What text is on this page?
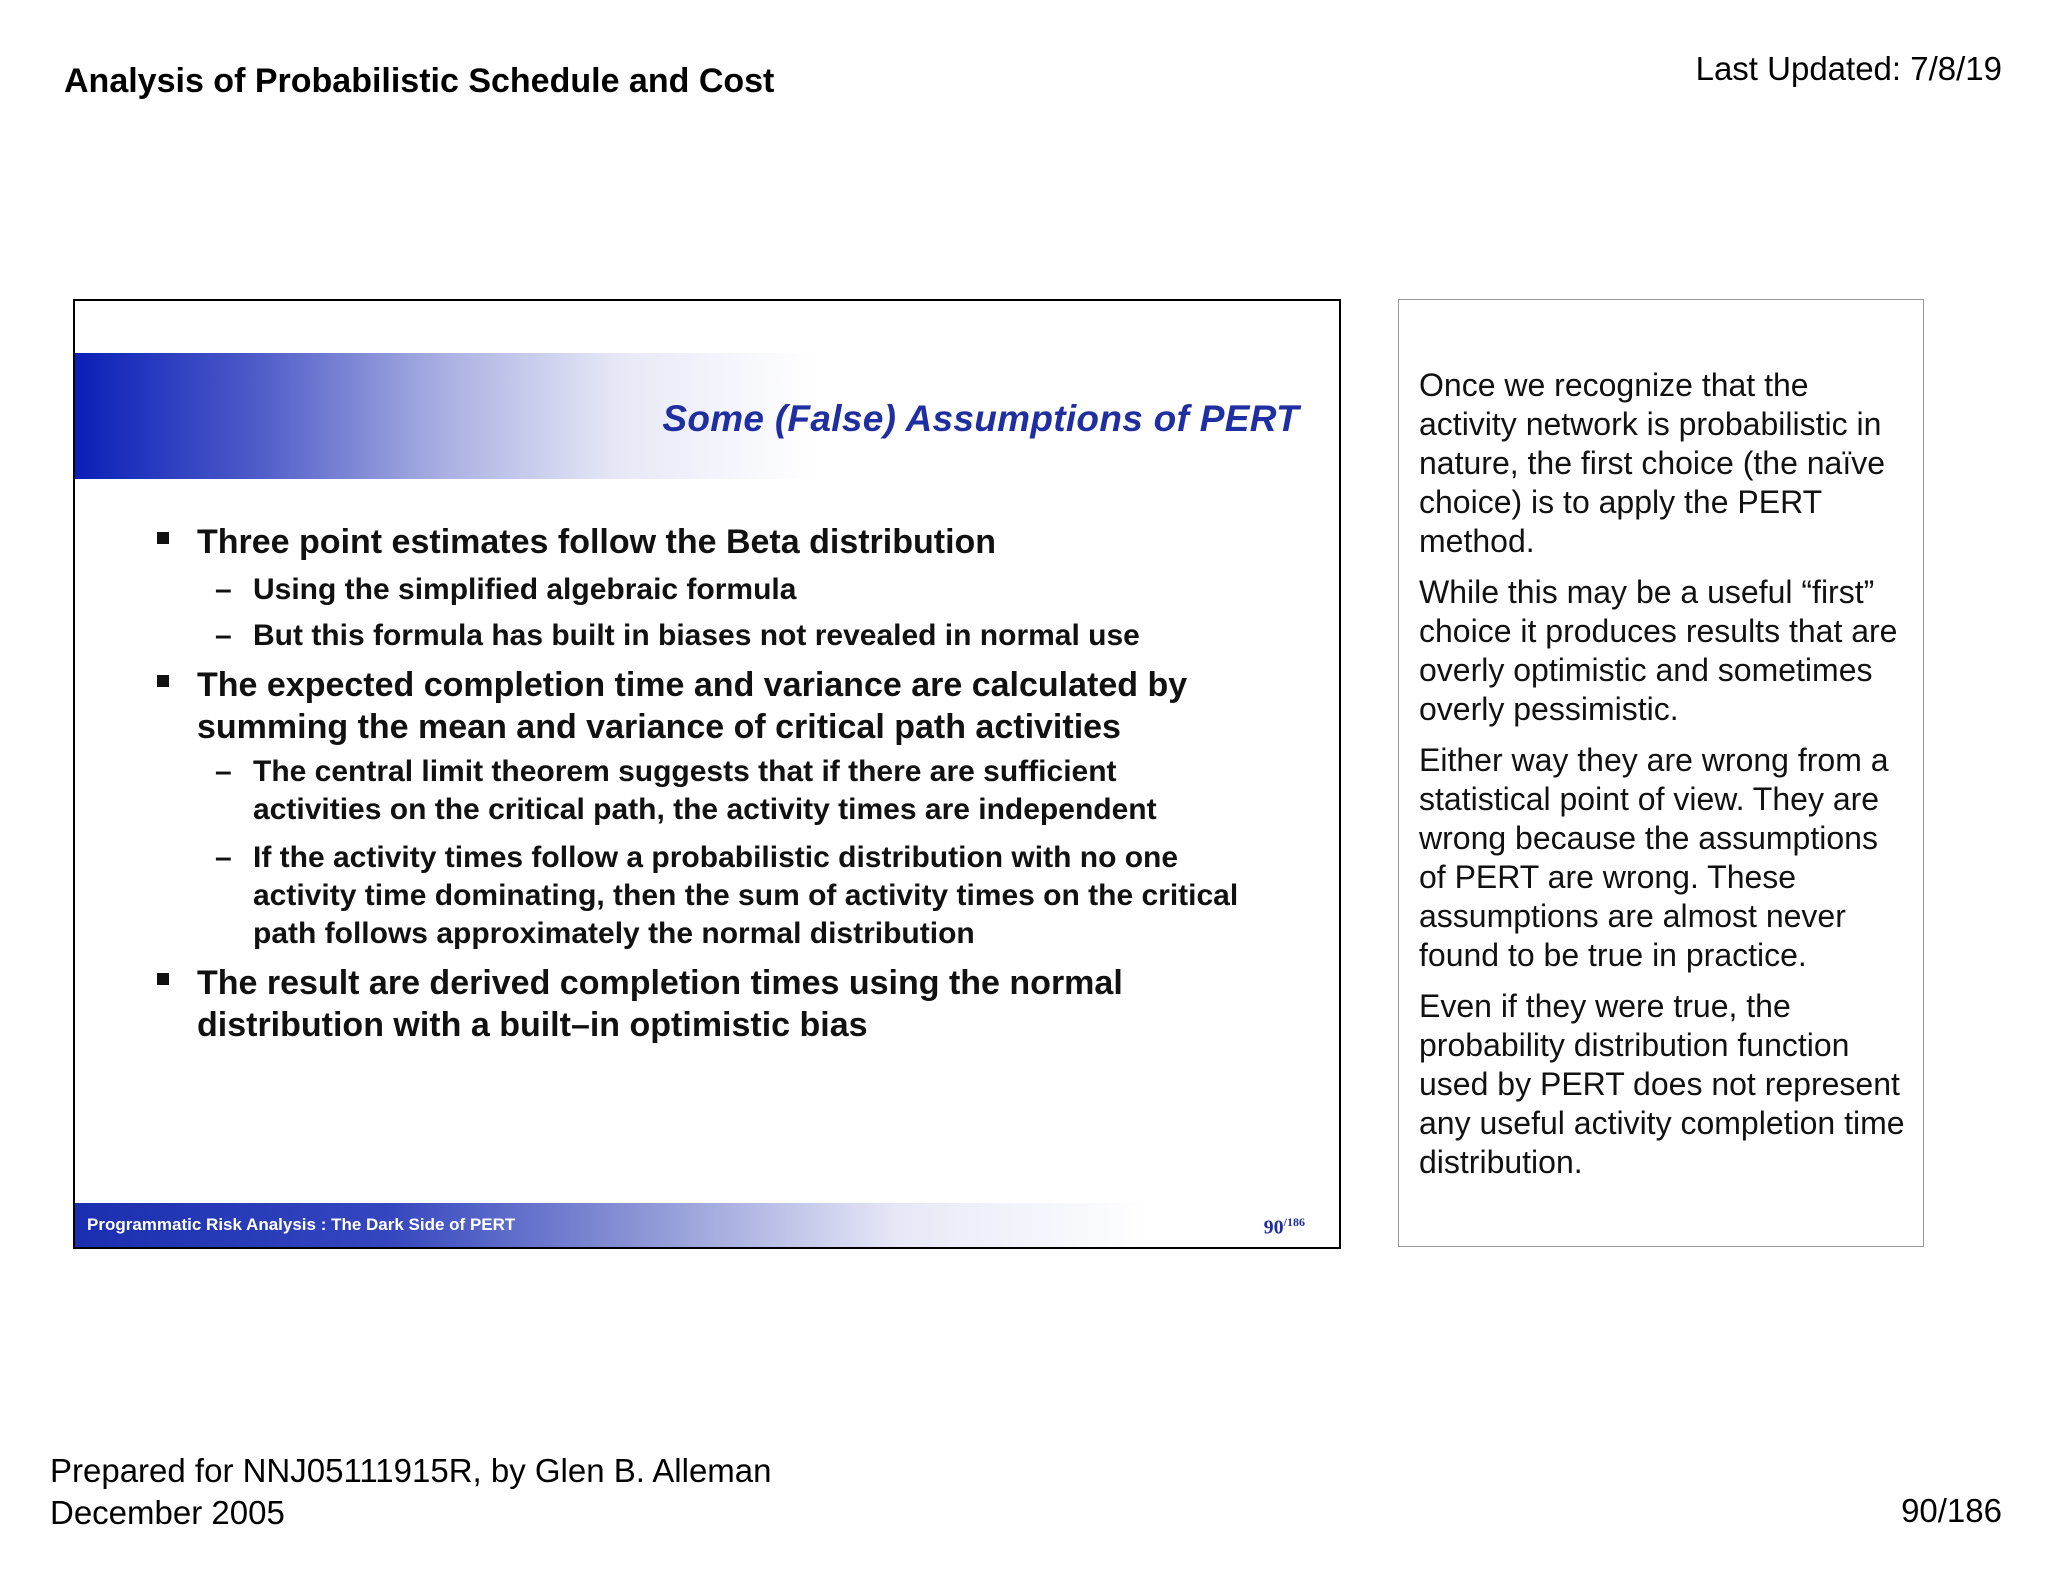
Analysis of Probabilistic Schedule and Cost	Last Updated: 7/8/19
Some (False) Assumptions of PERT
Three point estimates follow the Beta distribution
– Using the simplified algebraic formula
– But this formula has built in biases not revealed in normal use
The expected completion time and variance are calculated by summing the mean and variance of critical path activities
– The central limit theorem suggests that if there are sufficient activities on the critical path, the activity times are independent
– If the activity times follow a probabilistic distribution with no one activity time dominating, then the sum of activity times on the critical path follows approximately the normal distribution
The result are derived completion times using the normal distribution with a built–in optimistic bias
Programmatic Risk Analysis : The Dark Side of PERT	$90^{/186}$

Once we recognize that the activity network is probabilistic in nature, the first choice (the naïve choice) is to apply the PERT method.

While this may be a useful “first” choice it produces results that are overly optimistic and sometimes overly pessimistic.

Either way they are wrong from a statistical point of view. They are wrong because the assumptions of PERT are wrong. These assumptions are almost never found to be true in practice.

Even if they were true, the probability distribution function used by PERT does not represent any useful activity completion time distribution.

Prepared for NNJ05111915R, by Glen B. Alleman
December 2005	90/186
